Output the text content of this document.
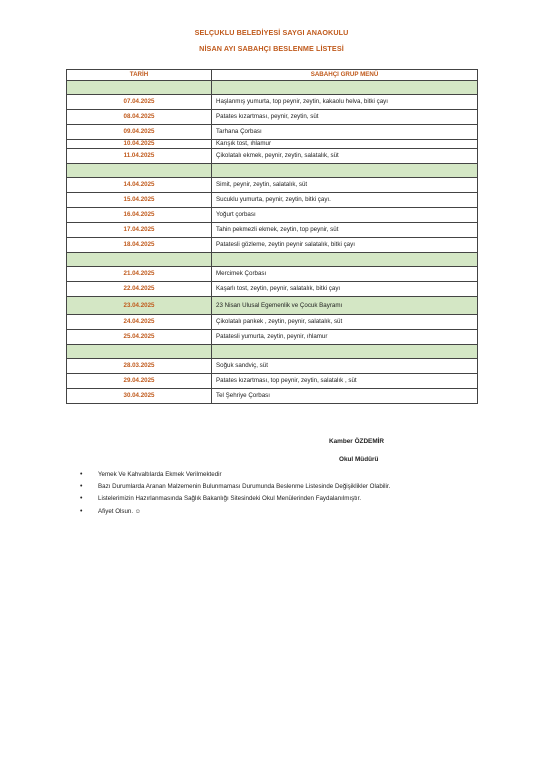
SELÇUKLU BELEDİYESİ SAYGI ANAOKULU
NİSAN AYI SABAHÇI BESLENME LİSTESİ
TARİH	SABAHÇI GRUP MENÜ

07.04.2025	Haşlanmış yumurta, top peynir, zeytin, kakaolu helva, bitki çayı
08.04.2025	Patates kızartması, peynir, zeytin, süt
09.04.2025	Tarhana Çorbası
10.04.2025	Karışık tost, ıhlamur
11.04.2025	Çikolatalı ekmek, peynir, zeytin, salatalık, süt

14.04.2025	Simit, peynir, zeytin, salatalık, süt
15.04.2025	Sucuklu yumurta, peynir, zeytin, bitki çayı.
16.04.2025	Yoğurt çorbası
17.04.2025	Tahin pekmezli ekmek, zeytin, top peynir, süt
18.04.2025	Patatesli gözleme, zeytin peynir salatalık, bitki çayı

21.04.2025	Mercimek Çorbası
22.04.2025	Kaşarlı tost, zeytin, peynir, salatalık, bitki çayı
23.04.2025	23 Nisan Ulusal Egemenlik ve Çocuk Bayramı
24.04.2025	Çikolatalı pankek , zeytin, peynir, salatalık, süt
25.04.2025	Patatesli yumurta, zeytin, peynir, ıhlamur

28.03.2025	Soğuk sandviç, süt
29.04.2025	Patates kızartması, top peynir, zeytin, salatalık , süt
30.04.2025	Tel Şehriye Çorbası
Kamber ÖZDEMİR
Okul Müdürü
•	Yemek Ve Kahvaltılarda Ekmek Verilmektedir
•	Bazı Durumlarda Aranan Malzemenin Bulunmaması Durumunda Beslenme Listesinde Değişiklikler Olabilir.
•	Listelerimizin Hazırlanmasında Sağlık Bakanlığı Sitesindeki Okul Menülerinden Faydalanılmıştır.
•	Afiyet Olsun. ☺
